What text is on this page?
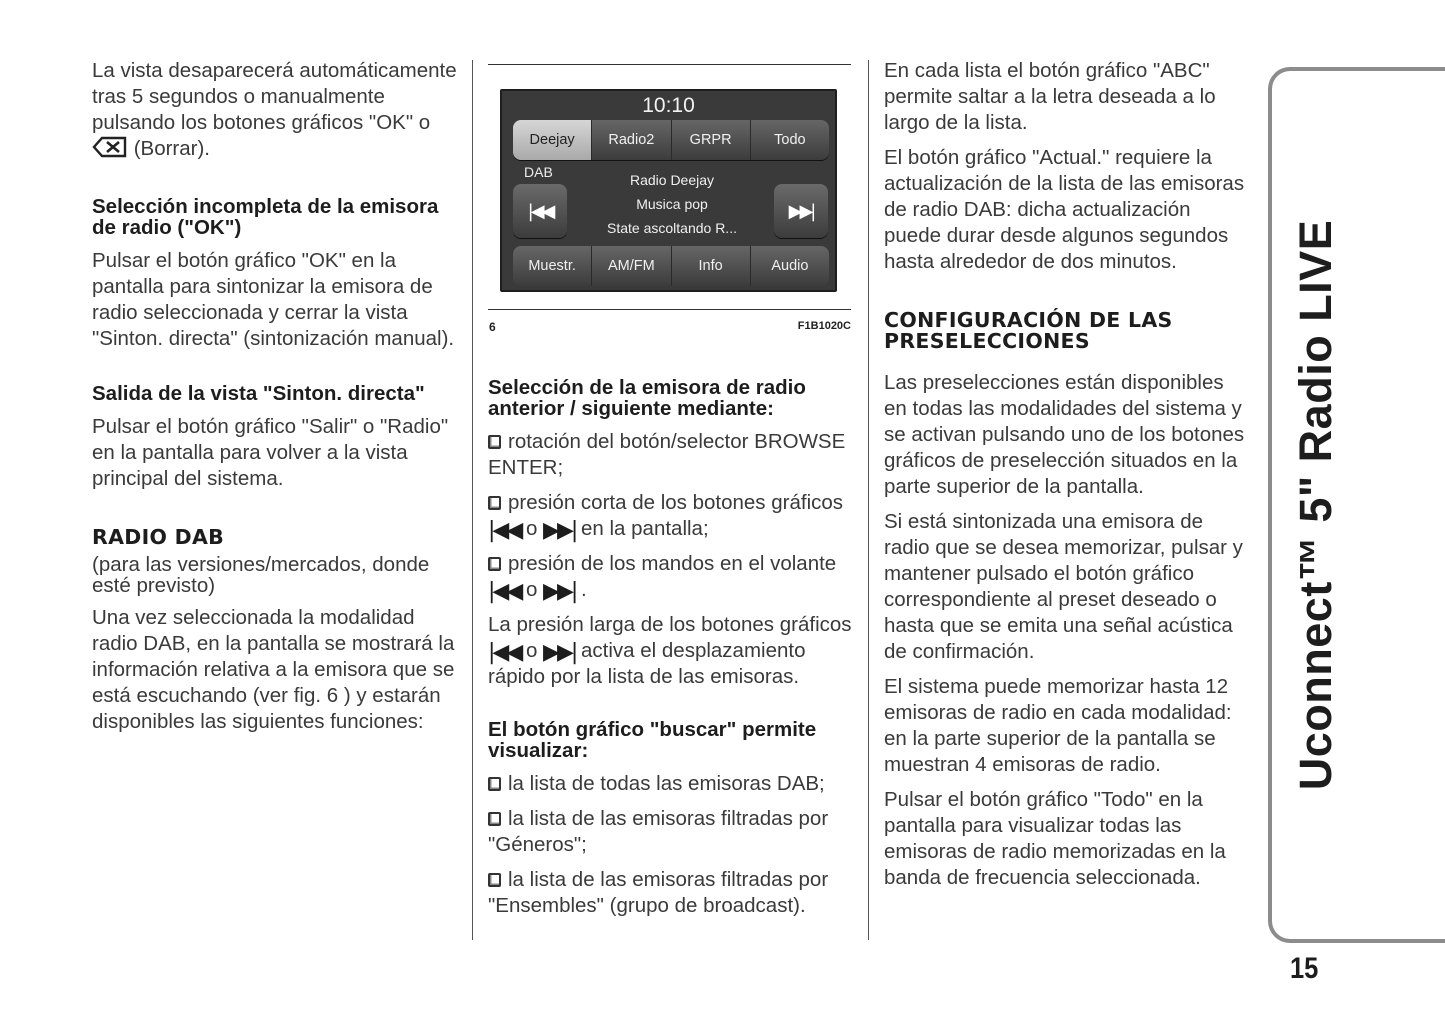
La vista desaparecerá automáticamente tras 5 segundos o manualmente pulsando los botones gráficos "OK" o
(Borrar).

Selección incompleta de la emisora de radio ("OK")

Pulsar el botón gráfico "OK" en la pantalla para sintonizar la emisora de radio seleccionada y cerrar la vista "Sinton. directa" (sintonización manual).

Salida de la vista "Sinton. directa"

Pulsar el botón gráfico "Salir" o "Radio" en la pantalla para volver a la vista principal del sistema.

RADIO DAB

(para las versiones/mercados, donde esté previsto)

Una vez seleccionada la modalidad radio DAB, en la pantalla se mostrará la información relativa a la emisora que se está escuchando (ver fig. 6 ) y estarán disponibles las siguientes funciones:

10:10
Deejay	Radio2	GRPR	Todo
DAB	Radio Deejay
Musica pop
State ascoltando R...
|◀◀	▶▶|
Muestr.	AM/FM	Info	Audio
6	F1B1020C
Selección de la emisora de radio anterior / siguiente mediante:

rotación del botón/selector BROWSE ENTER;

presión corta de los botones gráficos
|◀◀ o ▶▶| en la pantalla;

presión de los mandos en el volante
|◀◀ o ▶▶| .

La presión larga de los botones gráficos
|◀◀ o ▶▶| activa el desplazamiento rápido por la lista de las emisoras.

El botón gráfico "buscar" permite visualizar:

la lista de todas las emisoras DAB;

la lista de las emisoras filtradas por "Géneros";

la lista de las emisoras filtradas por "Ensembles" (grupo de broadcast).

En cada lista el botón gráfico "ABC" permite saltar a la letra deseada a lo largo de la lista.

El botón gráfico "Actual." requiere la actualización de la lista de las emisoras de radio DAB: dicha actualización puede durar desde algunos segundos hasta alrededor de dos minutos.

CONFIGURACIÓN DE LAS PRESELECCIONES

Las preselecciones están disponibles en todas las modalidades del sistema y se activan pulsando uno de los botones gráficos de preselección situados en la parte superior de la pantalla.

Si está sintonizada una emisora de radio que se desea memorizar, pulsar y mantener pulsado el botón gráfico correspondiente al preset deseado o hasta que se emita una señal acústica de confirmación.

El sistema puede memorizar hasta 12 emisoras de radio en cada modalidad: en la parte superior de la pantalla se muestran 4 emisoras de radio.

Pulsar el botón gráfico "Todo" en la pantalla para visualizar todas las emisoras de radio memorizadas en la banda de frecuencia seleccionada.

Uconnect™ 5" Radio LIVE
15
